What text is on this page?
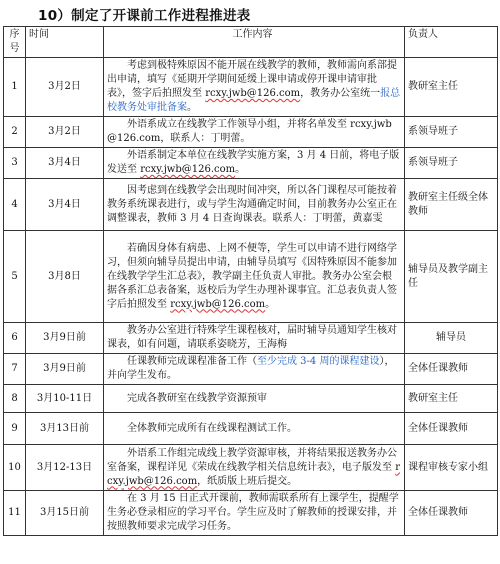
10）制定了开课前工作进程推进表
序号	时间	工作内容	负责人
1	3月2日	考虑到极特殊原因不能开展在线教学的教师，教师需向系部提出申请，填写《延期开学期间延缓上课申请或停开课申请审批表》，签字后拍照发至 rcxy.jwb@126.com，教务办公室统一报总校教务处审批备案。	教研室主任
2	3月2日	外语系成立在线教学工作领导小组，并将名单发至 rcxy.jwb@126.com，联系人：丁明蕾。	系领导班子
3	3月4日	外语系制定本单位在线教学实施方案，3 月 4 日前，将电子版发送至 rcxy.jwb@126.com。	系领导班子
4	3月4日	因考虑到在线教学会出现时间冲突，所以各门课程尽可能按着教务系统课表进行，或与学生沟通确定时间，目前教务办公室正在调整课表，教师 3 月 4 日查询课表。联系人：丁明蕾，黄嘉雯	教研室主任级全体教师
5	3月8日	若确因身体有病患、上网不便等，学生可以申请不进行网络学习，但须向辅导员提出申请，由辅导员填写《因特殊原因不能参加在线教学学生汇总表》，教学副主任负责人审批。教务办公室会根据各系汇总表备案，返校后为学生办理补课事宜。汇总表负责人签字后拍照发至 rcxy.jwb@126.com。	辅导员及教学副主任
6	3月9日前	教务办公室进行特殊学生课程核对，届时辅导员通知学生核对课表，如有问题，请联系姿晓芳，王海梅	辅导员
7	3月9日前	任课教师完成课程准备工作（至少完成 3-4 周的课程建设），并向学生发布。	全体任课教师
8	3月10-11日	完成各教研室在线教学资源预审	教研室主任
9	3月13日前	全体教师完成所有在线课程测试工作。	全体任课教师
10	3月12-13日	外语系工作组完成线上教学资源审核，并将结果报送教务办公室备案，课程详见《荣成在线教学相关信息统计表》，电子版发至 rcxy.jwb@126.com，纸质版上班后提交。	课程审核专家小组
11	3月15日前	在 3 月 15 日正式开课前，教师需联系所有上课学生，提醒学生务必登录相应的学习平台。学生应及时了解教师的授课安排，并按照教师要求完成学习任务。	全体任课教师
